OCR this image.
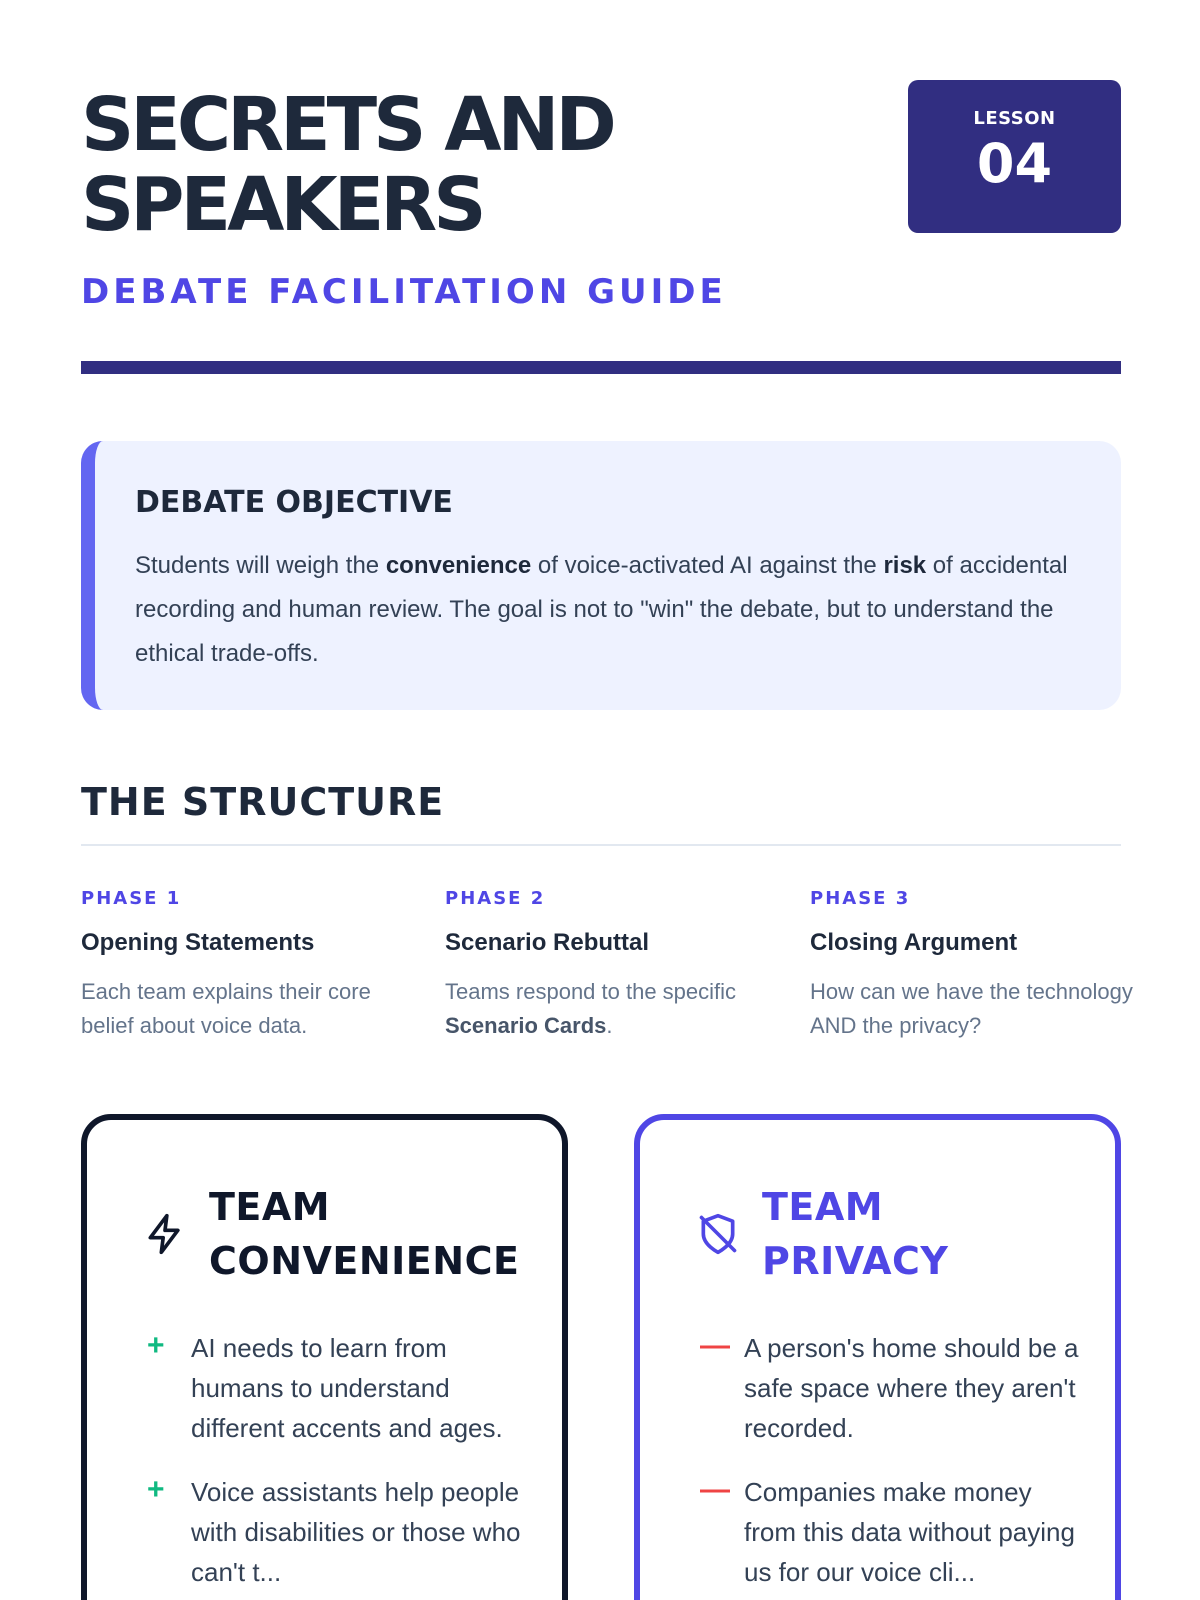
SECRETS AND
SPEAKERS
LESSON
04
DEBATE FACILITATION GUIDE
DEBATE OBJECTIVE

Students will weigh the convenience of voice-activated AI against the risk of accidental recording and human review. The goal is not to "win" the debate, but to understand the ethical trade-offs.

THE STRUCTURE
PHASE 1
Opening Statements
Each team explains their core belief about voice data.
PHASE 2
Scenario Rebuttal
Teams respond to the specific Scenario Cards.
PHASE 3
Closing Argument
How can we have the technology AND the privacy?
TEAM CONVENIENCE
+	AI needs to learn from humans to understand different accents and ages.
+	Voice assistants help people with disabilities or those who can't t...
TEAM PRIVACY
— A person's home should be a safe space where they aren't recorded.
— Companies make money from this data without paying us for our voice cli...
